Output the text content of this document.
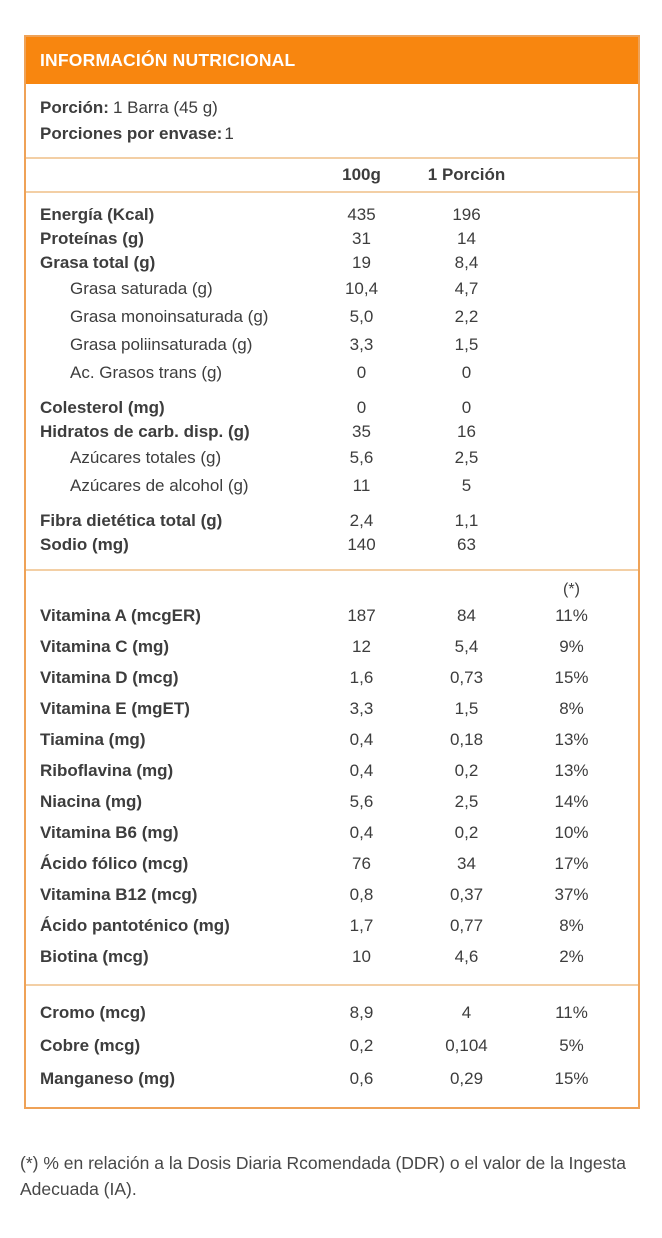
INFORMACIÓN NUTRICIONAL
Porción: 1 Barra (45 g)
Porciones por envase: 1
100g	1 Porción
Energía (Kcal)	435	196
Proteínas (g)	31	14
Grasa total (g)	19	8,4
Grasa saturada (g)	10,4	4,7
Grasa monoinsaturada (g)	5,0	2,2
Grasa poliinsaturada (g)	3,3	1,5
Ac. Grasos trans (g)	0	0
Colesterol (mg)	0	0
Hidratos de carb. disp. (g)	35	16
Azúcares totales (g)	5,6	2,5
Azúcares de alcohol (g)	11	5
Fibra dietética total (g)	2,4	1,1
Sodio (mg)	140	63
(*)
Vitamina A (mcgER)	187	84	11%
Vitamina C (mg)	12	5,4	9%
Vitamina D (mcg)	1,6	0,73	15%
Vitamina E (mgET)	3,3	1,5	8%
Tiamina (mg)	0,4	0,18	13%
Riboflavina (mg)	0,4	0,2	13%
Niacina (mg)	5,6	2,5	14%
Vitamina B6 (mg)	0,4	0,2	10%
Ácido fólico (mcg)	76	34	17%
Vitamina B12 (mcg)	0,8	0,37	37%
Ácido pantoténico (mg)	1,7	0,77	8%
Biotina (mcg)	10	4,6	2%
Cromo (mcg)	8,9	4	11%
Cobre (mcg)	0,2	0,104	5%
Manganeso (mg)	0,6	0,29	15%
(*) % en relación a la Dosis Diaria Rcomendada (DDR) o el valor de la Ingesta Adecuada (IA).
